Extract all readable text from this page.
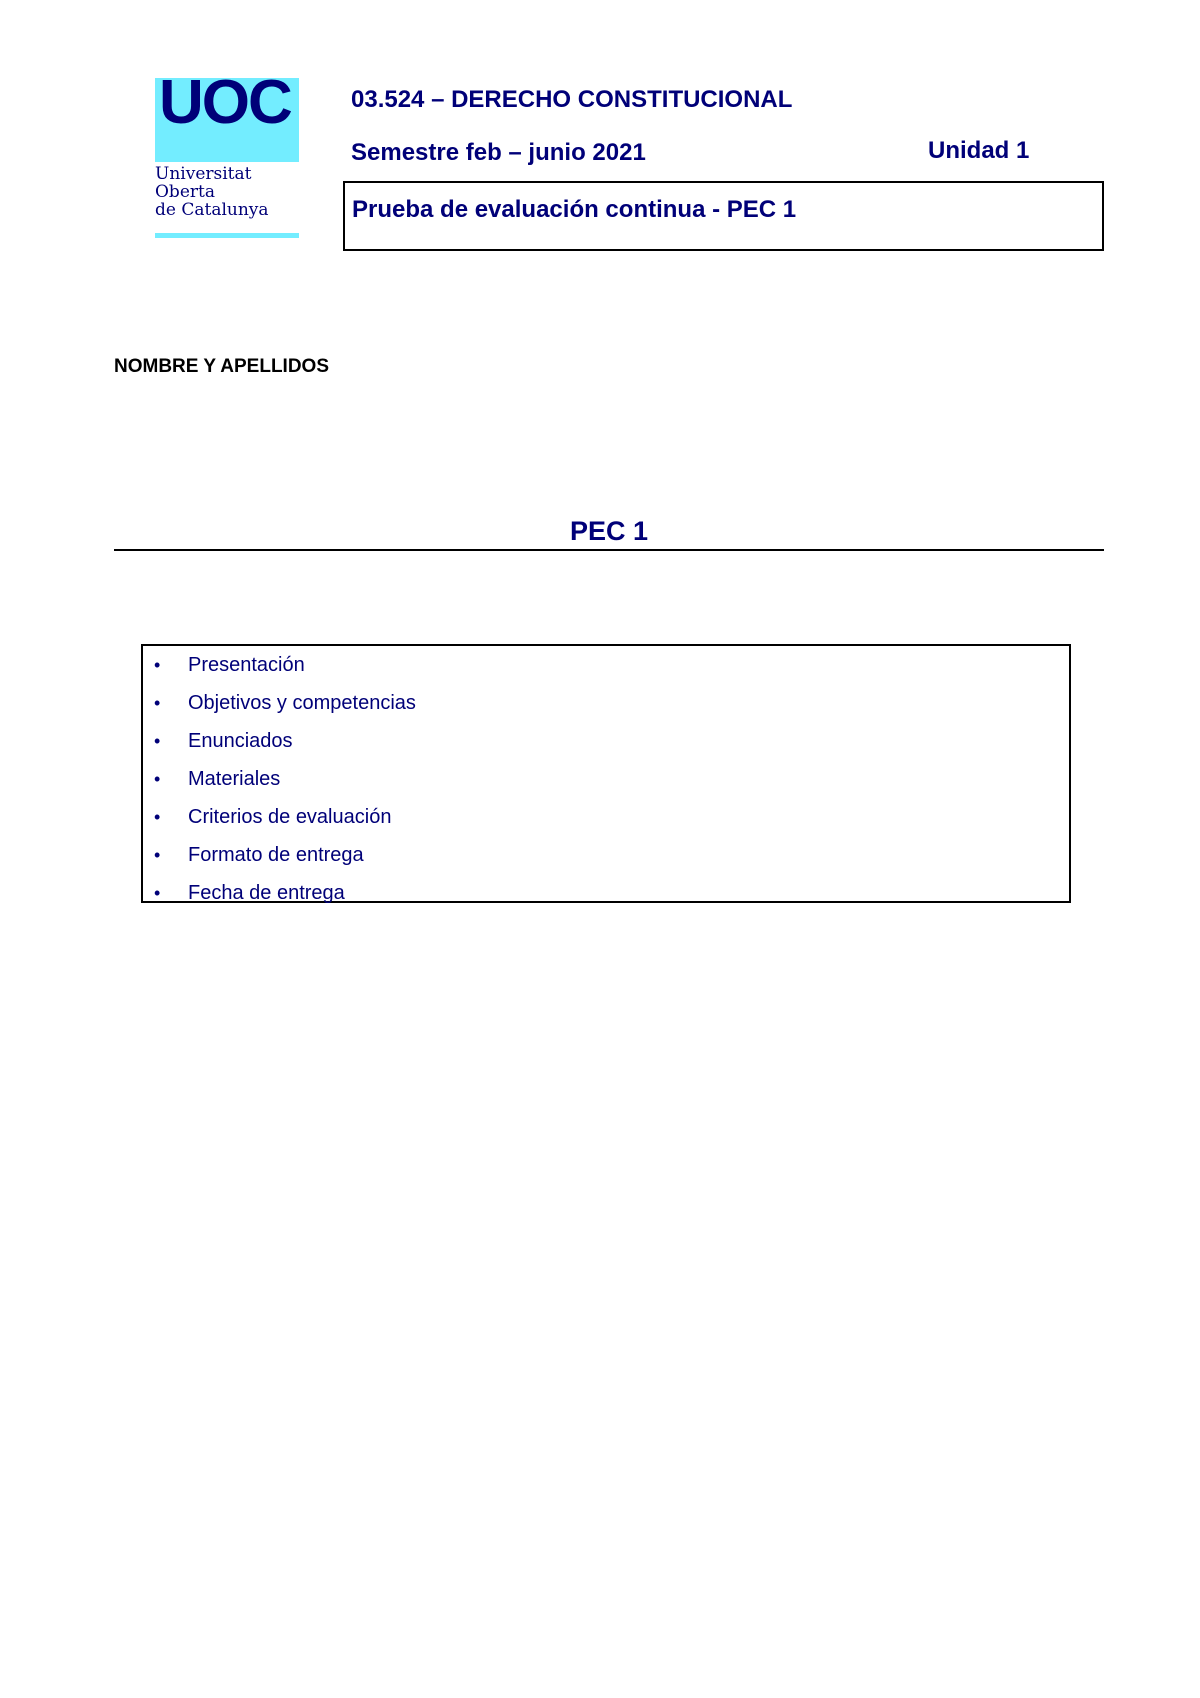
UOC
Universitat
Oberta
de Catalunya
03.524 – DERECHO CONSTITUCIONAL
Semestre feb – junio 2021	Unidad 1
Prueba de evaluación continua - PEC 1
NOMBRE Y APELLIDOS
PEC 1
• Presentación
• Objetivos y competencias
• Enunciados
• Materiales
• Criterios de evaluación
• Formato de entrega
• Fecha de entrega
